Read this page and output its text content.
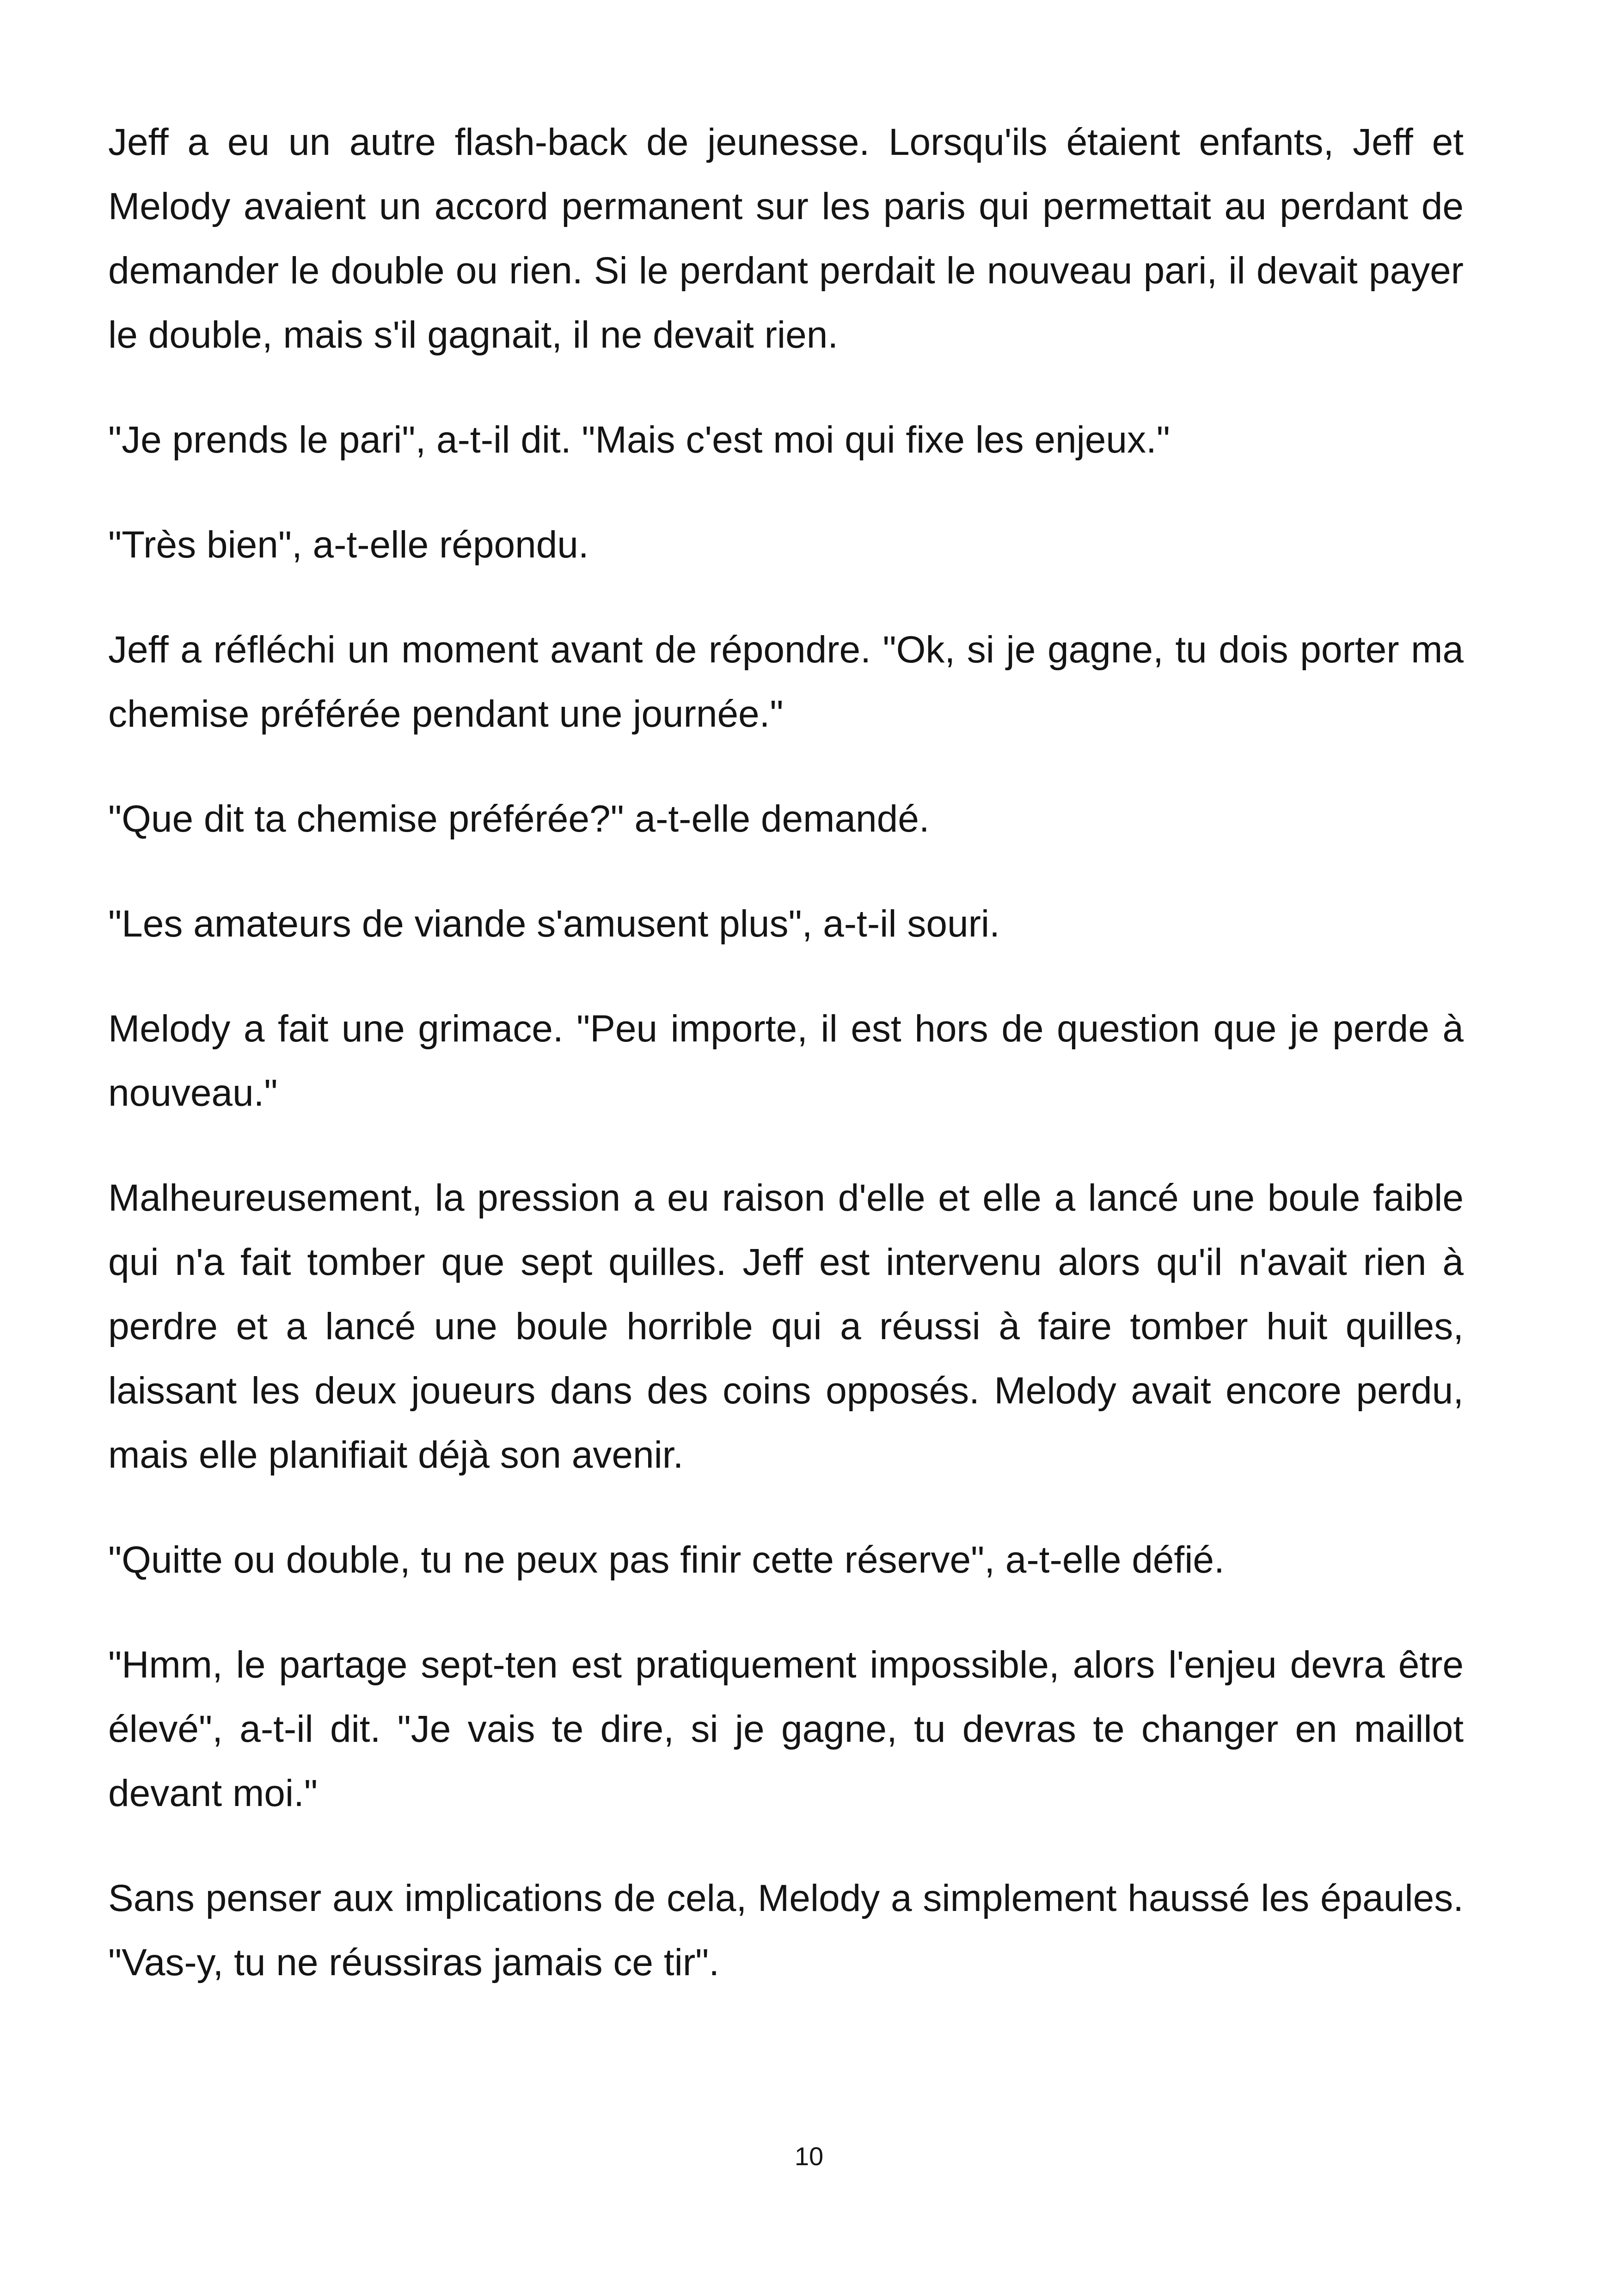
Jeff a eu un autre flash-back de jeunesse. Lorsqu'ils étaient enfants, Jeff et Melody avaient un accord permanent sur les paris qui permettait au perdant de demander le double ou rien. Si le perdant perdait le nouveau pari, il devait payer le double, mais s'il gagnait, il ne devait rien.

"Je prends le pari", a-t-il dit. "Mais c'est moi qui fixe les enjeux."

"Très bien", a-t-elle répondu.

Jeff a réfléchi un moment avant de répondre. "Ok, si je gagne, tu dois porter ma chemise préférée pendant une journée."

"Que dit ta chemise préférée?" a-t-elle demandé.

"Les amateurs de viande s'amusent plus", a-t-il souri.

Melody a fait une grimace. "Peu importe, il est hors de question que je perde à nouveau."

Malheureusement, la pression a eu raison d'elle et elle a lancé une boule faible qui n'a fait tomber que sept quilles. Jeff est intervenu alors qu'il n'avait rien à perdre et a lancé une boule horrible qui a réussi à faire tomber huit quilles, laissant les deux joueurs dans des coins opposés. Melody avait encore perdu, mais elle planifiait déjà son avenir.

"Quitte ou double, tu ne peux pas finir cette réserve", a-t-elle défié.

"Hmm, le partage sept-ten est pratiquement impossible, alors l'enjeu devra être élevé", a-t-il dit. "Je vais te dire, si je gagne, tu devras te changer en maillot devant moi."

Sans penser aux implications de cela, Melody a simplement haussé les épaules. "Vas-y, tu ne réussiras jamais ce tir".

10
